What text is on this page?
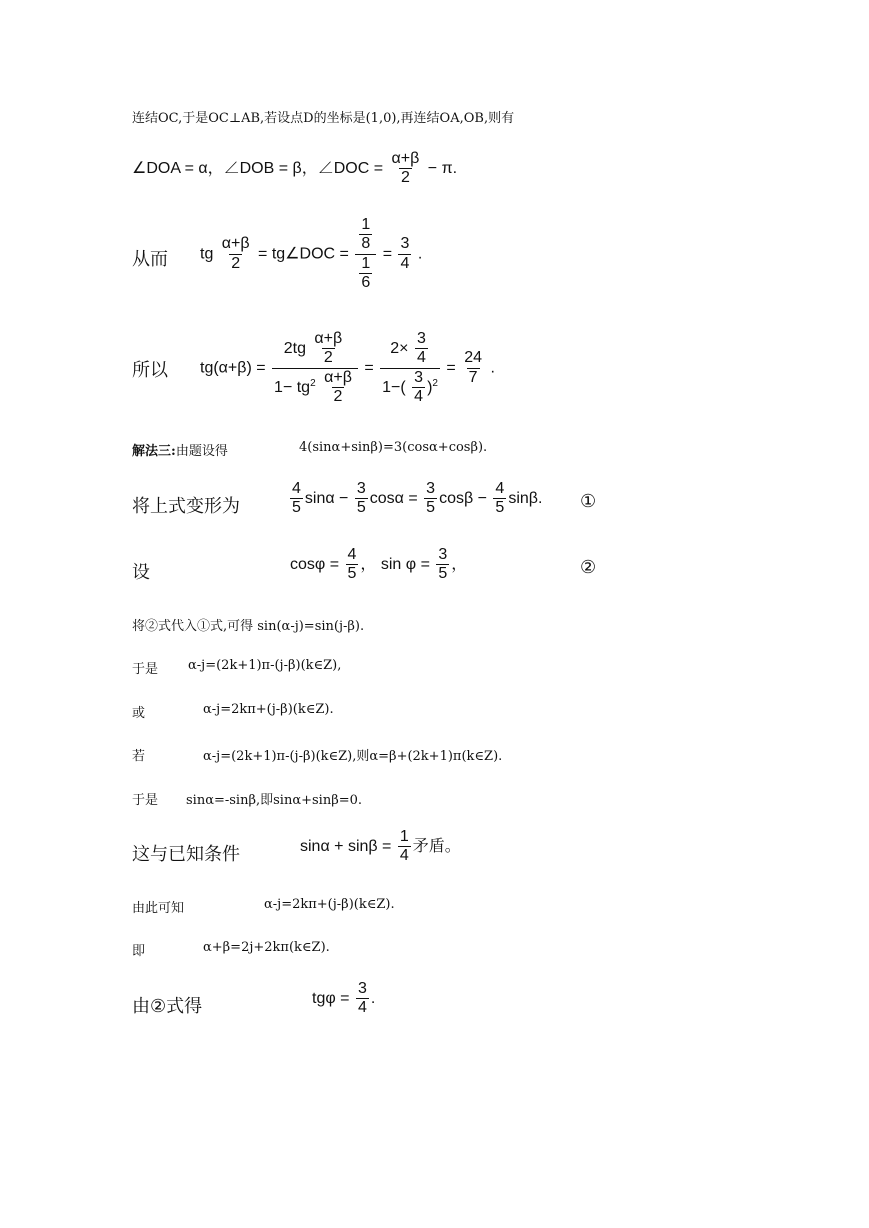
连结OC,于是OC⊥AB,若设点D的坐标是(1,0),再连结OA,OB,则有
∠DOA = α，∠DOB = β，∠DOC = $\frac{\alpha+\beta}{2} - \pi$.
从而 tg $\frac{\alpha+\beta}{2}$ = tg∠DOC = $\frac{\frac{1}{8}}{\frac{1}{6}} = \frac{3}{4}$ .
所以 $tg(\alpha+\beta) = \frac{2tg \frac{\alpha+\beta}{2}}{1- tg^2 \frac{\alpha+\beta}{2}} = \frac{2\times \frac{3}{4}}{1-( \frac{3}{4} )^2} = \frac{24}{7}$ .
解法三:由题设得	4(sinα+sinβ)=3(cosα+cosβ).
将上式变形为	$\frac{4}{5}$ $\sin\alpha - \frac{3}{5}$ $\cos\alpha = \frac{3}{5}$ $\cos\beta - \frac{4}{5} \sin\beta$. ①
设	$\cos\varphi = \frac{4}{5}$ ， $\sin \varphi = \frac{3}{5}$ ，	②
将②式代入①式,可得 sin(α-j)=sin(j-β).
于是 α-j=(2k+1)π-(j-β)(k∈Z),
或	α-j=2kπ+(j-β)(k∈Z).
若	α-j=(2k+1)π-(j-β)(k∈Z),则α=β+(2k+1)π(k∈Z).
于是 sinα=-sinβ,即sinα+sinβ=0.
这与已知条件	$\sin\alpha + \sin\beta = \frac{1}{4}$ 矛盾。
由此可知	α-j=2kπ+(j-β)(k∈Z).
即	α+β=2j+2kπ(k∈Z).
由②式得	$tg\varphi = \frac{3}{4}$ .
